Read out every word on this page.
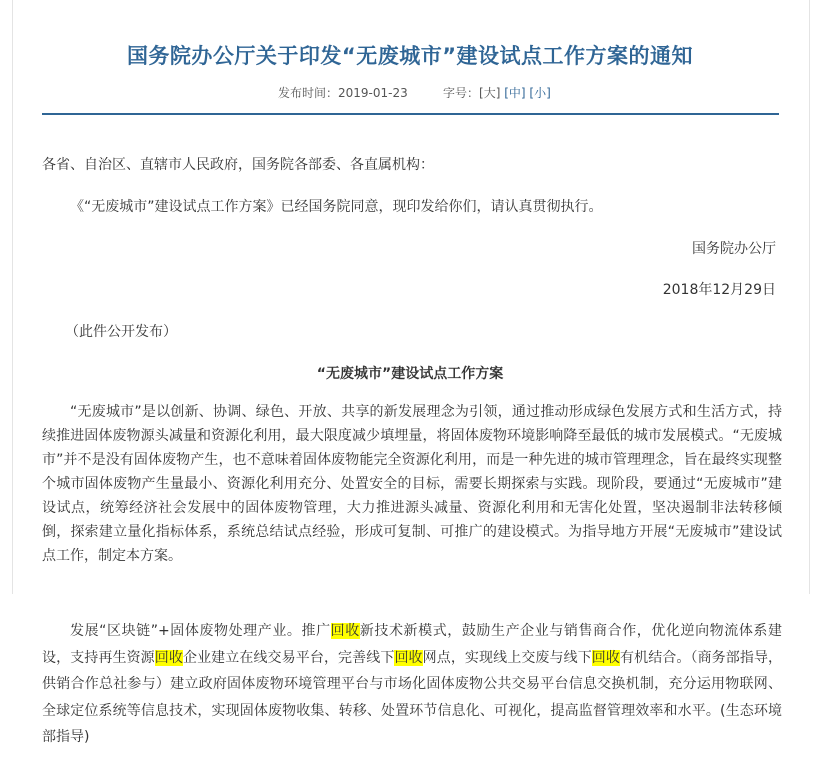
国务院办公厅关于印发“无废城市”建设试点工作方案的通知
发布时间：2019-01-23	字号：[大] [中] [小]
各省、自治区、直辖市人民政府，国务院各部委、各直属机构：
《“无废城市”建设试点工作方案》已经国务院同意，现印发给你们，请认真贯彻执行。
国务院办公厅
2018年12月29日
（此件公开发布）
“无废城市”建设试点工作方案
“无废城市”是以创新、协调、绿色、开放、共享的新发展理念为引领，通过推动形成绿色发展方式和生活方式，持续推进固体废物源头减量和资源化利用，最大限度减少填埋量，将固体废物环境影响降至最低的城市发展模式。“无废城市”并不是没有固体废物产生，也不意味着固体废物能完全资源化利用，而是一种先进的城市管理理念，旨在最终实现整个城市固体废物产生量最小、资源化利用充分、处置安全的目标，需要长期探索与实践。现阶段，要通过“无废城市”建设试点，统筹经济社会发展中的固体废物管理，大力推进源头减量、资源化利用和无害化处置，坚决遏制非法转移倾倒，探索建立量化指标体系，系统总结试点经验，形成可复制、可推广的建设模式。为指导地方开展“无废城市”建设试点工作，制定本方案。
发展“区块链”+固体废物处理产业。推广回收新技术新模式，鼓励生产企业与销售商合作，优化逆向物流体系建设，支持再生资源回收企业建立在线交易平台，完善线下回收网点，实现线上交废与线下回收有机结合。（商务部指导，供销合作总社参与）建立政府固体废物环境管理平台与市场化固体废物公共交易平台信息交换机制，充分运用物联网、全球定位系统等信息技术，实现固体废物收集、转移、处置环节信息化、可视化，提高监督管理效率和水平。(生态环境部指导)
